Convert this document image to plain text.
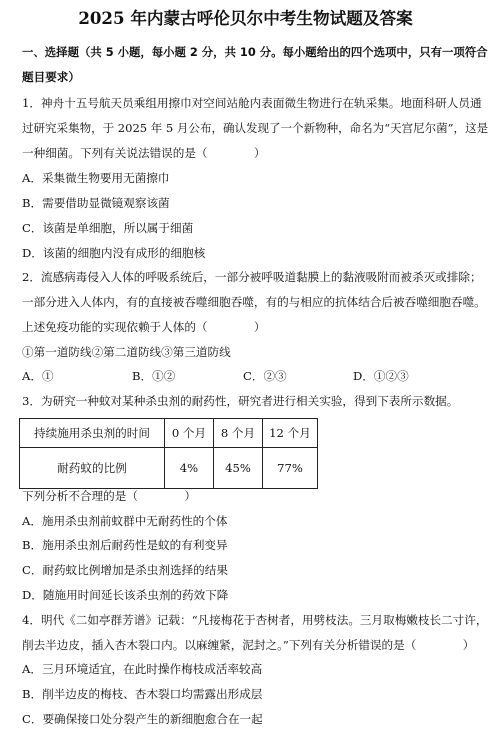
2025 年内蒙古呼伦贝尔中考生物试题及答案
一、选择题（共 5 小题，每小题 2 分，共 10 分。每小题给出的四个选项中，只有一项符合
题目要求）
1．神舟十五号航天员乘组用擦巾对空间站舱内表面微生物进行在轨采集。地面科研人员通
过研究采集物，于 2025 年 5 月公布，确认发现了一个新物种，命名为“天宫尼尔菌”，这是
一种细菌。下列有关说法错误的是（　　　　）
A．采集微生物要用无菌擦巾
B．需要借助显微镜观察该菌
C．该菌是单细胞，所以属于细菌
D．该菌的细胞内没有成形的细胞核
2．流感病毒侵入人体的呼吸系统后，一部分被呼吸道黏膜上的黏液吸附而被杀灭或排除；
一部分进入人体内，有的直接被吞噬细胞吞噬，有的与相应的抗体结合后被吞噬细胞吞噬。
上述免疫功能的实现依赖于人体的（　　　　）
①第一道防线②第二道防线③第三道防线
A．①	B．①②	C．②③	D．①②③
3．为研究一种蚊对某种杀虫剂的耐药性，研究者进行相关实验，得到下表所示数据。
持续施用杀虫剂的时间	0 个月	8 个月	12 个月
耐药蚊的比例	4%	45%	77%
下列分析不合理的是（　　　　）
A．施用杀虫剂前蚊群中无耐药性的个体
B．施用杀虫剂后耐药性是蚊的有利变异
C．耐药蚊比例增加是杀虫剂选择的结果
D．随施用时间延长该杀虫剂的药效下降
4．明代《二如亭群芳谱》记载：“凡接梅花于杏树者，用劈枝法。三月取梅嫩枝长二寸许，
削去半边皮，插入杏木裂口内。以麻缠紧，泥封之。”下列有关分析错误的是（　　　　）
A．三月环境适宜，在此时操作梅枝成活率较高
B．削半边皮的梅枝、杏木裂口均需露出形成层
C．要确保接口处分裂产生的新细胞愈合在一起
